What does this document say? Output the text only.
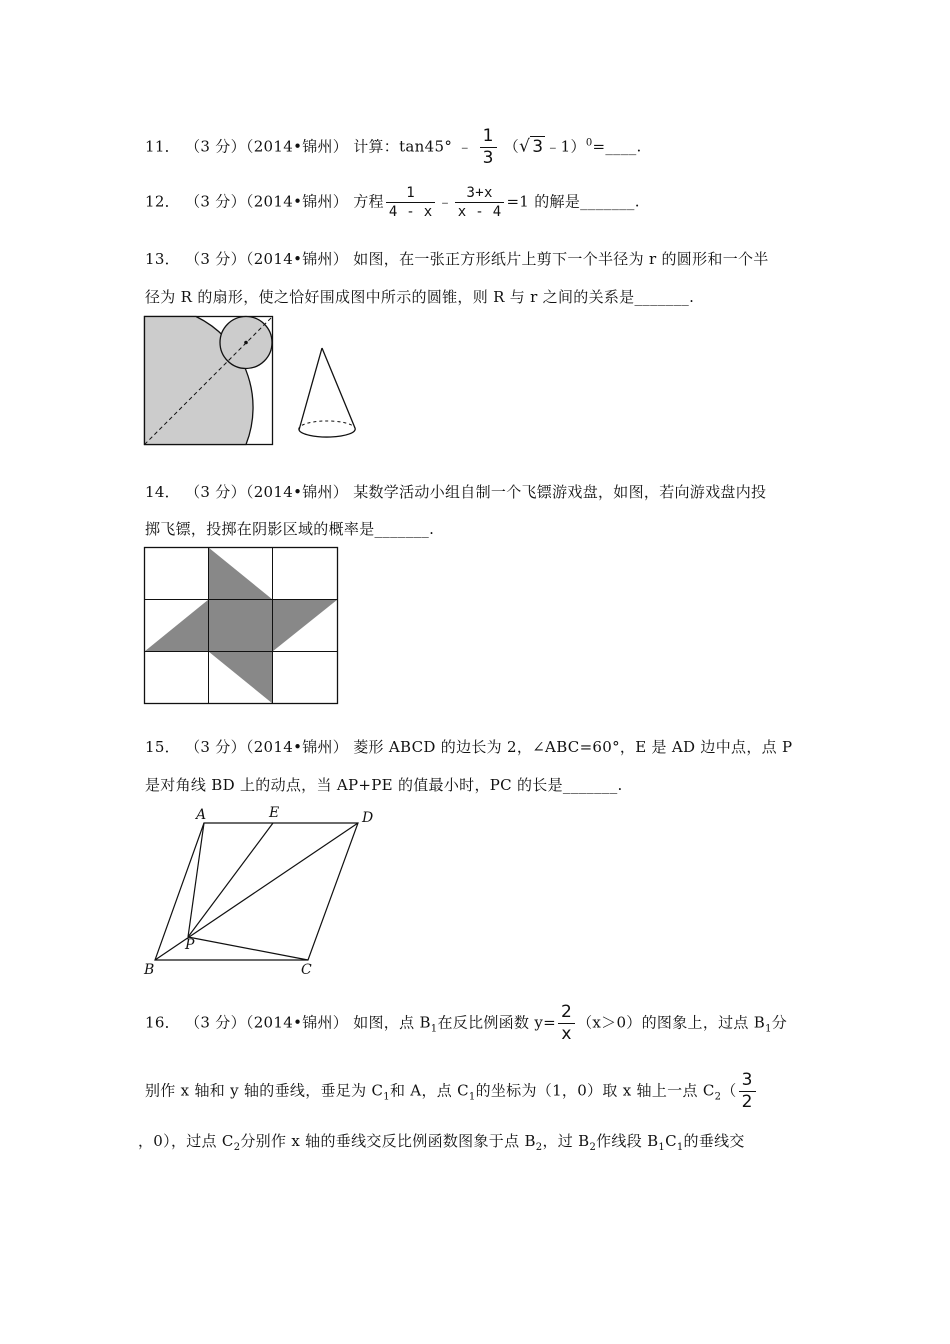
11． （3 分）（2014•锦州） 计算：tan45° ﹣ $\frac{1}{3}$ （√ 3 ﹣1）$^0$=____.
12． （3 分）（2014•锦州） 方程 $\frac{1}{4 - x}$ ﹣ $\frac{3+x}{x - 4} =1$ 的解是_______.
13． （3 分）（2014•锦州） 如图，在一张正方形纸片上剪下一个半径为 r 的圆形和一个半
径为 R 的扇形，使之恰好围成图中所示的圆锥，则 R 与 r 之间的关系是_______.
14． （3 分）（2014•锦州） 某数学活动小组自制一个飞镖游戏盘，如图，若向游戏盘内投
掷飞镖，投掷在阴影区域的概率是_______.
15． （3 分）（2014•锦州） 菱形 ABCD 的边长为 2，∠ABC=60°，E 是 AD 边中点，点 P
是对角线 BD 上的动点，当 AP+PE 的值最小时，PC 的长是_______.
A	E	D
P
B	C
16． （3 分）（2014•锦州） 如图，点 $B_1$在反比例函数 $y= \frac{2}{x} (x>0)$的图象上，过点 $B_1$分
别作 x 轴和 y 轴的垂线，垂足为 $C_1$和 A，点 $C_1$的坐标为（1，0）取 x 轴上一点 $C_2( \frac{3}{2}$
，0），过点 $C_2$分别作 x 轴的垂线交反比例函数图象于点 $B_2$，过 $B_2$作线段 $B_1C_1$的垂线交
